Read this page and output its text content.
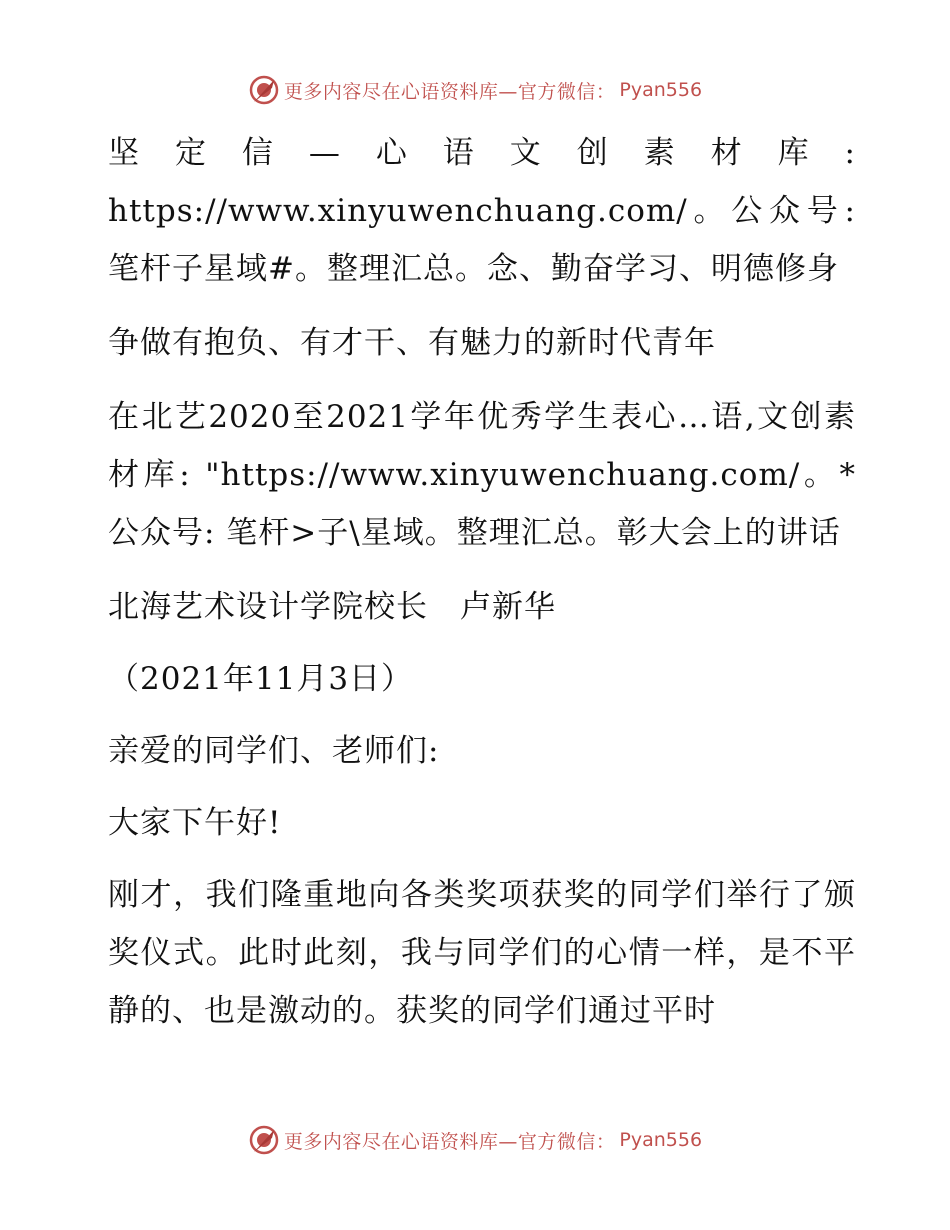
更多内容尽在心语资料库—官方微信： Pyan556

坚定信—心语文创素材库: https://www.xinyuwenchuang.com/。公众号: 笔杆子星域#。整理汇总。念、勤奋学习、明德修身

争做有抱负、有才干、有魅力的新时代青年

在北艺2020至2021学年优秀学生表心…语,文创素材库: "https://www.xinyuwenchuang.com/。*公众号: 笔杆>子\星域。整理汇总。彰大会上的讲话

北海艺术设计学院校长　卢新华

（2021年11月3日）

亲爱的同学们、老师们:

大家下午好!

刚才，我们隆重地向各类奖项获奖的同学们举行了颁奖仪式。此时此刻，我与同学们的心情一样，是不平静的、也是激动的。获奖的同学们通过平时

更多内容尽在心语资料库—官方微信： Pyan556
